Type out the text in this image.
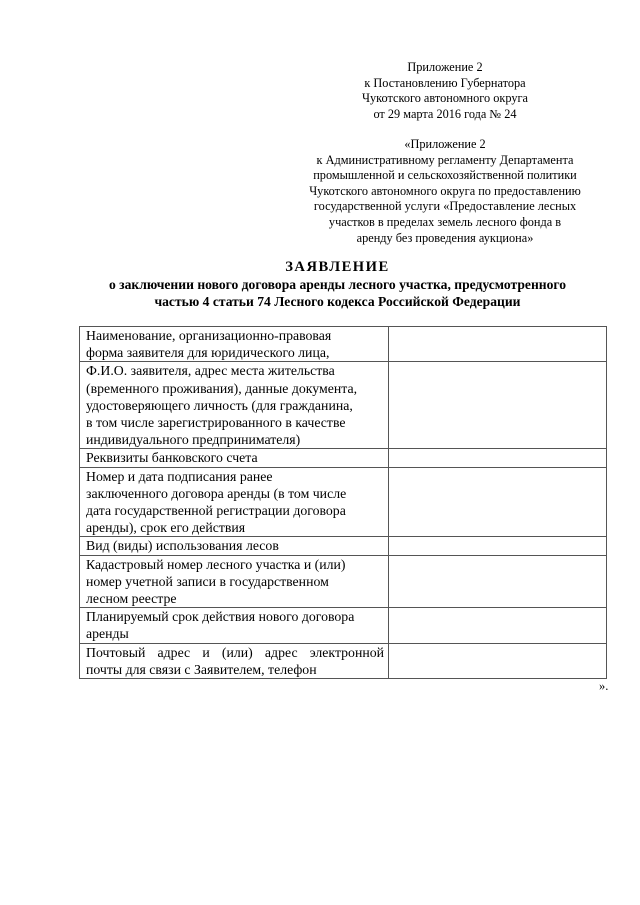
Приложение 2
к Постановлению Губернатора
Чукотского автономного округа
от 29 марта 2016 года № 24
«Приложение 2
к Административному регламенту Департамента
промышленной и сельскохозяйственной политики
Чукотского автономного округа по предоставлению
государственной услуги «Предоставление лесных
участков в пределах земель лесного фонда в
аренду без проведения аукциона»
ЗАЯВЛЕНИЕ
о заключении нового договора аренды лесного участка, предусмотренного
частью 4 статьи 74 Лесного кодекса Российской Федерации
Наименование, организационно-правовая
форма заявителя для юридического лица,	

Ф.И.О. заявителя, адрес места жительства
(временного проживания), данные документа,
удостоверяющего личность (для гражданина,
в том числе зарегистрированного в качестве
индивидуального предпринимателя)	

Реквизиты банковского счета	

Номер и дата подписания ранее
заключенного договора аренды (в том числе
дата государственной регистрации договора
аренды), срок его действия	

Вид (виды) использования лесов	

Кадастровый номер лесного участка и (или)
номер учетной записи в государственном
лесном реестре	

Планируемый срок действия нового договора
аренды	

Почтовый адрес и (или) адрес электронной
почты для связи с Заявителем, телефон	

».
